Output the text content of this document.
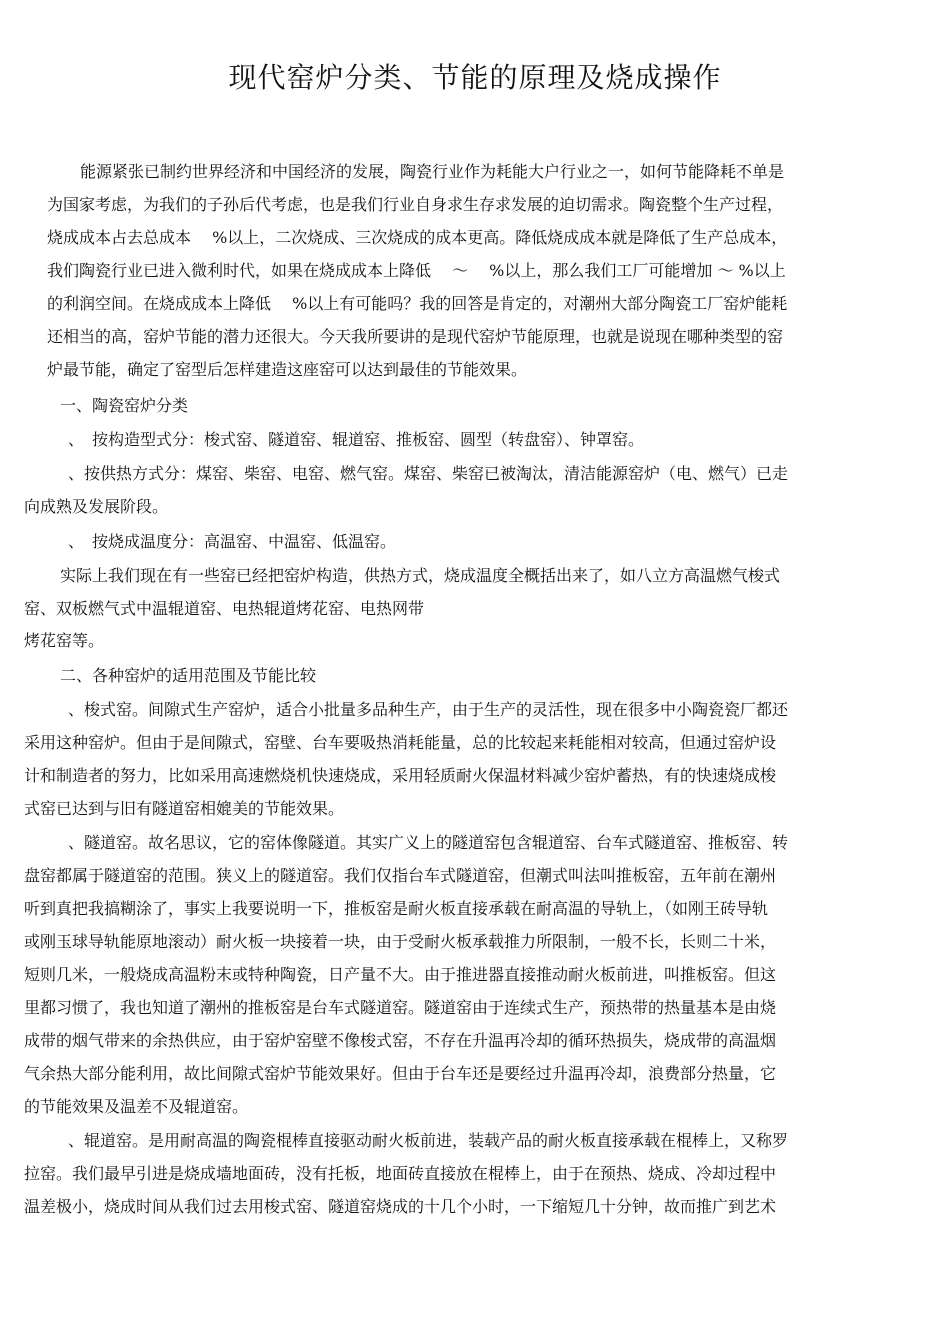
现代窑炉分类、节能的原理及烧成操作
能源紧张已制约世界经济和中国经济的发展，陶瓷行业作为耗能大户行业之一，如何节能降耗不单是
为国家考虑，为我们的子孙后代考虑，也是我们行业自身求生存求发展的迫切需求。陶瓷整个生产过程，
烧成成本占去总成本　 %以上，二次烧成、三次烧成的成本更高。降低烧成成本就是降低了生产总成本，
我们陶瓷行业已进入微利时代，如果在烧成成本上降低　 ～　 %以上，那么我们工厂可能增加 ～ %以上
的利润空间。在烧成成本上降低　 %以上有可能吗？我的回答是肯定的，对潮州大部分陶瓷工厂窑炉能耗
还相当的高，窑炉节能的潜力还很大。今天我所要讲的是现代窑炉节能原理，也就是说现在哪种类型的窑
炉最节能，确定了窑型后怎样建造这座窑可以达到最佳的节能效果。
一、陶瓷窑炉分类
、　按构造型式分：梭式窑、隧道窑、辊道窑、推板窑、圆型（转盘窑）、钟罩窑。
、按供热方式分：煤窑、柴窑、电窑、燃气窑。煤窑、柴窑已被淘汰，清洁能源窑炉（电、燃气）已走
向成熟及发展阶段。
、　按烧成温度分：高温窑、中温窑、低温窑。
实际上我们现在有一些窑已经把窑炉构造，供热方式，烧成温度全概括出来了，如八立方高温燃气梭式
窑、双板燃气式中温辊道窑、电热辊道烤花窑、电热网带
烤花窑等。
二、各种窑炉的适用范围及节能比较
、梭式窑。间隙式生产窑炉，适合小批量多品种生产，由于生产的灵活性，现在很多中小陶瓷瓷厂都还
采用这种窑炉。但由于是间隙式，窑壁、台车要吸热消耗能量，总的比较起来耗能相对较高，但通过窑炉设
计和制造者的努力，比如采用高速燃烧机快速烧成，采用轻质耐火保温材料减少窑炉蓄热，有的快速烧成梭
式窑已达到与旧有隧道窑相媲美的节能效果。
、隧道窑。故名思议，它的窑体像隧道。其实广义上的隧道窑包含辊道窑、台车式隧道窑、推板窑、转
盘窑都属于隧道窑的范围。狭义上的隧道窑。我们仅指台车式隧道窑，但潮式叫法叫推板窑，五年前在潮州
听到真把我搞糊涂了，事实上我要说明一下，推板窑是耐火板直接承载在耐高温的导轨上，（如刚王砖导轨
或刚玉球导轨能原地滚动）耐火板一块接着一块，由于受耐火板承载推力所限制，一般不长，长则二十米，
短则几米，一般烧成高温粉末或特种陶瓷，日产量不大。由于推进器直接推动耐火板前进，叫推板窑。但这
里都习惯了，我也知道了潮州的推板窑是台车式隧道窑。隧道窑由于连续式生产，预热带的热量基本是由烧
成带的烟气带来的余热供应，由于窑炉窑壁不像梭式窑，不存在升温再冷却的循环热损失，烧成带的高温烟
气余热大部分能利用，故比间隙式窑炉节能效果好。但由于台车还是要经过升温再冷却，浪费部分热量，它
的节能效果及温差不及辊道窑。
、辊道窑。是用耐高温的陶瓷棍棒直接驱动耐火板前进，装载产品的耐火板直接承载在棍棒上，又称罗
拉窑。我们最早引进是烧成墙地面砖，没有托板，地面砖直接放在棍棒上，由于在预热、烧成、冷却过程中
温差极小，烧成时间从我们过去用梭式窑、隧道窑烧成的十几个小时，一下缩短几十分钟，故而推广到艺术
